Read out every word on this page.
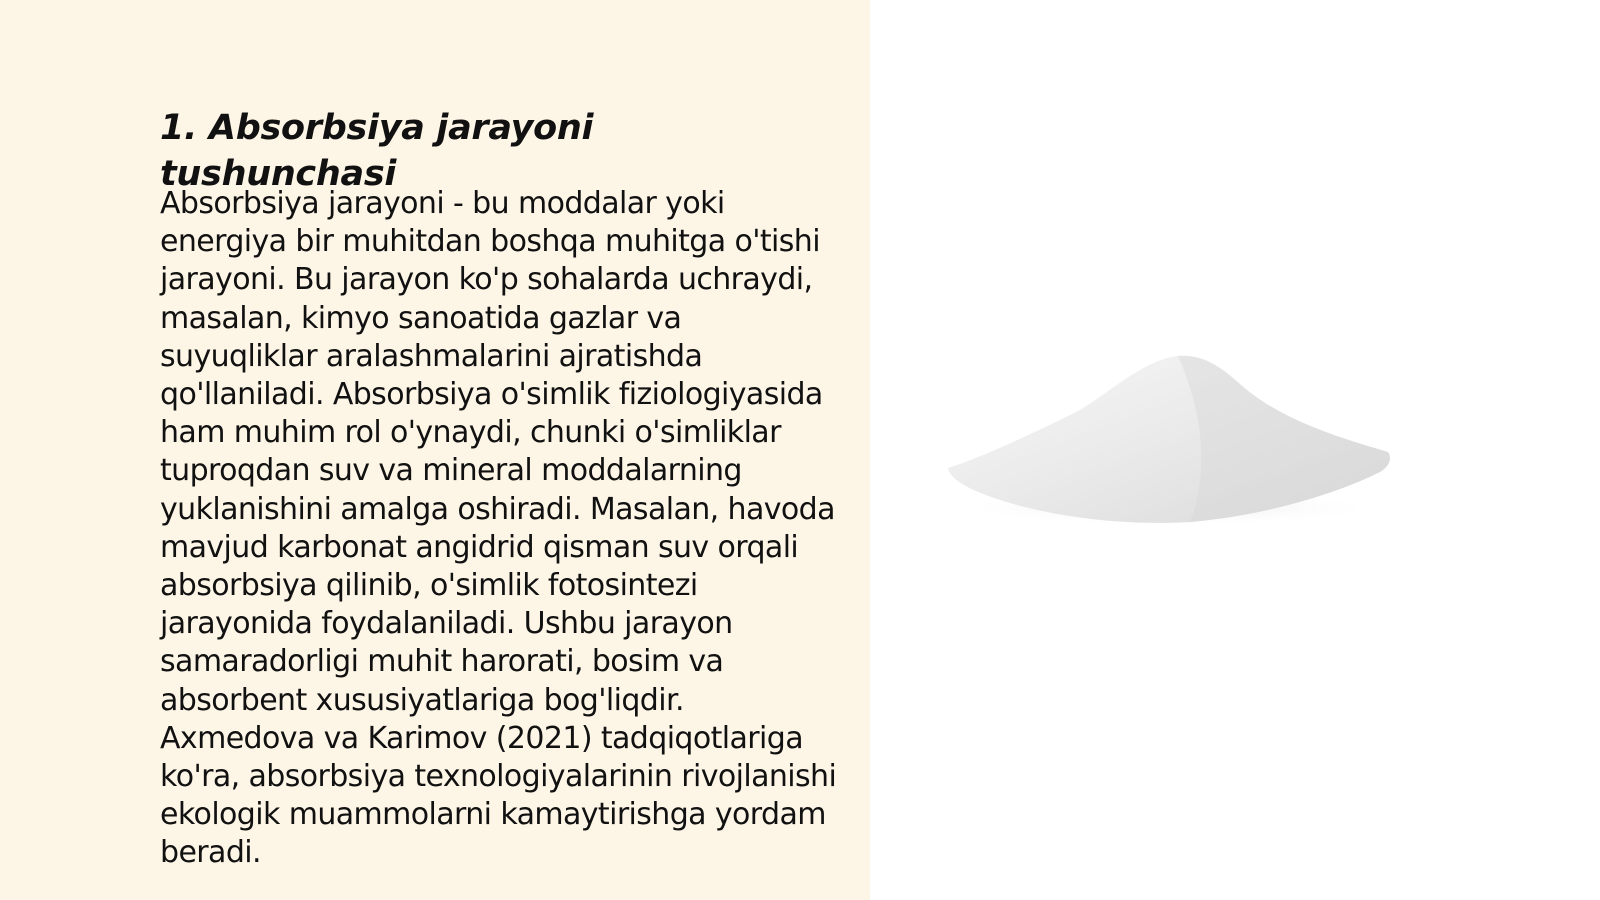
1. Absorbsiya jarayoni tushunchasi

Absorbsiya jarayoni - bu moddalar yoki energiya bir muhitdan boshqa muhitga o'tishi jarayoni. Bu jarayon ko'p sohalarda uchraydi, masalan, kimyo sanoatida gazlar va suyuqliklar aralashmalarini ajratishda qo'llaniladi. Absorbsiya o'simlik fiziologiyasida ham muhim rol o'ynaydi, chunki o'simliklar tuproqdan suv va mineral moddalarning yuklanishini amalga oshiradi. Masalan, havoda mavjud karbonat angidrid qisman suv orqali absorbsiya qilinib, o'simlik fotosintezi jarayonida foydalaniladi. Ushbu jarayon samaradorligi muhit harorati, bosim va absorbent xususiyatlariga bog'liqdir. Axmedova va Karimov (2021) tadqiqotlariga ko'ra, absorbsiya texnologiyalarinin rivojlanishi ekologik muammolarni kamaytirishga yordam beradi.
